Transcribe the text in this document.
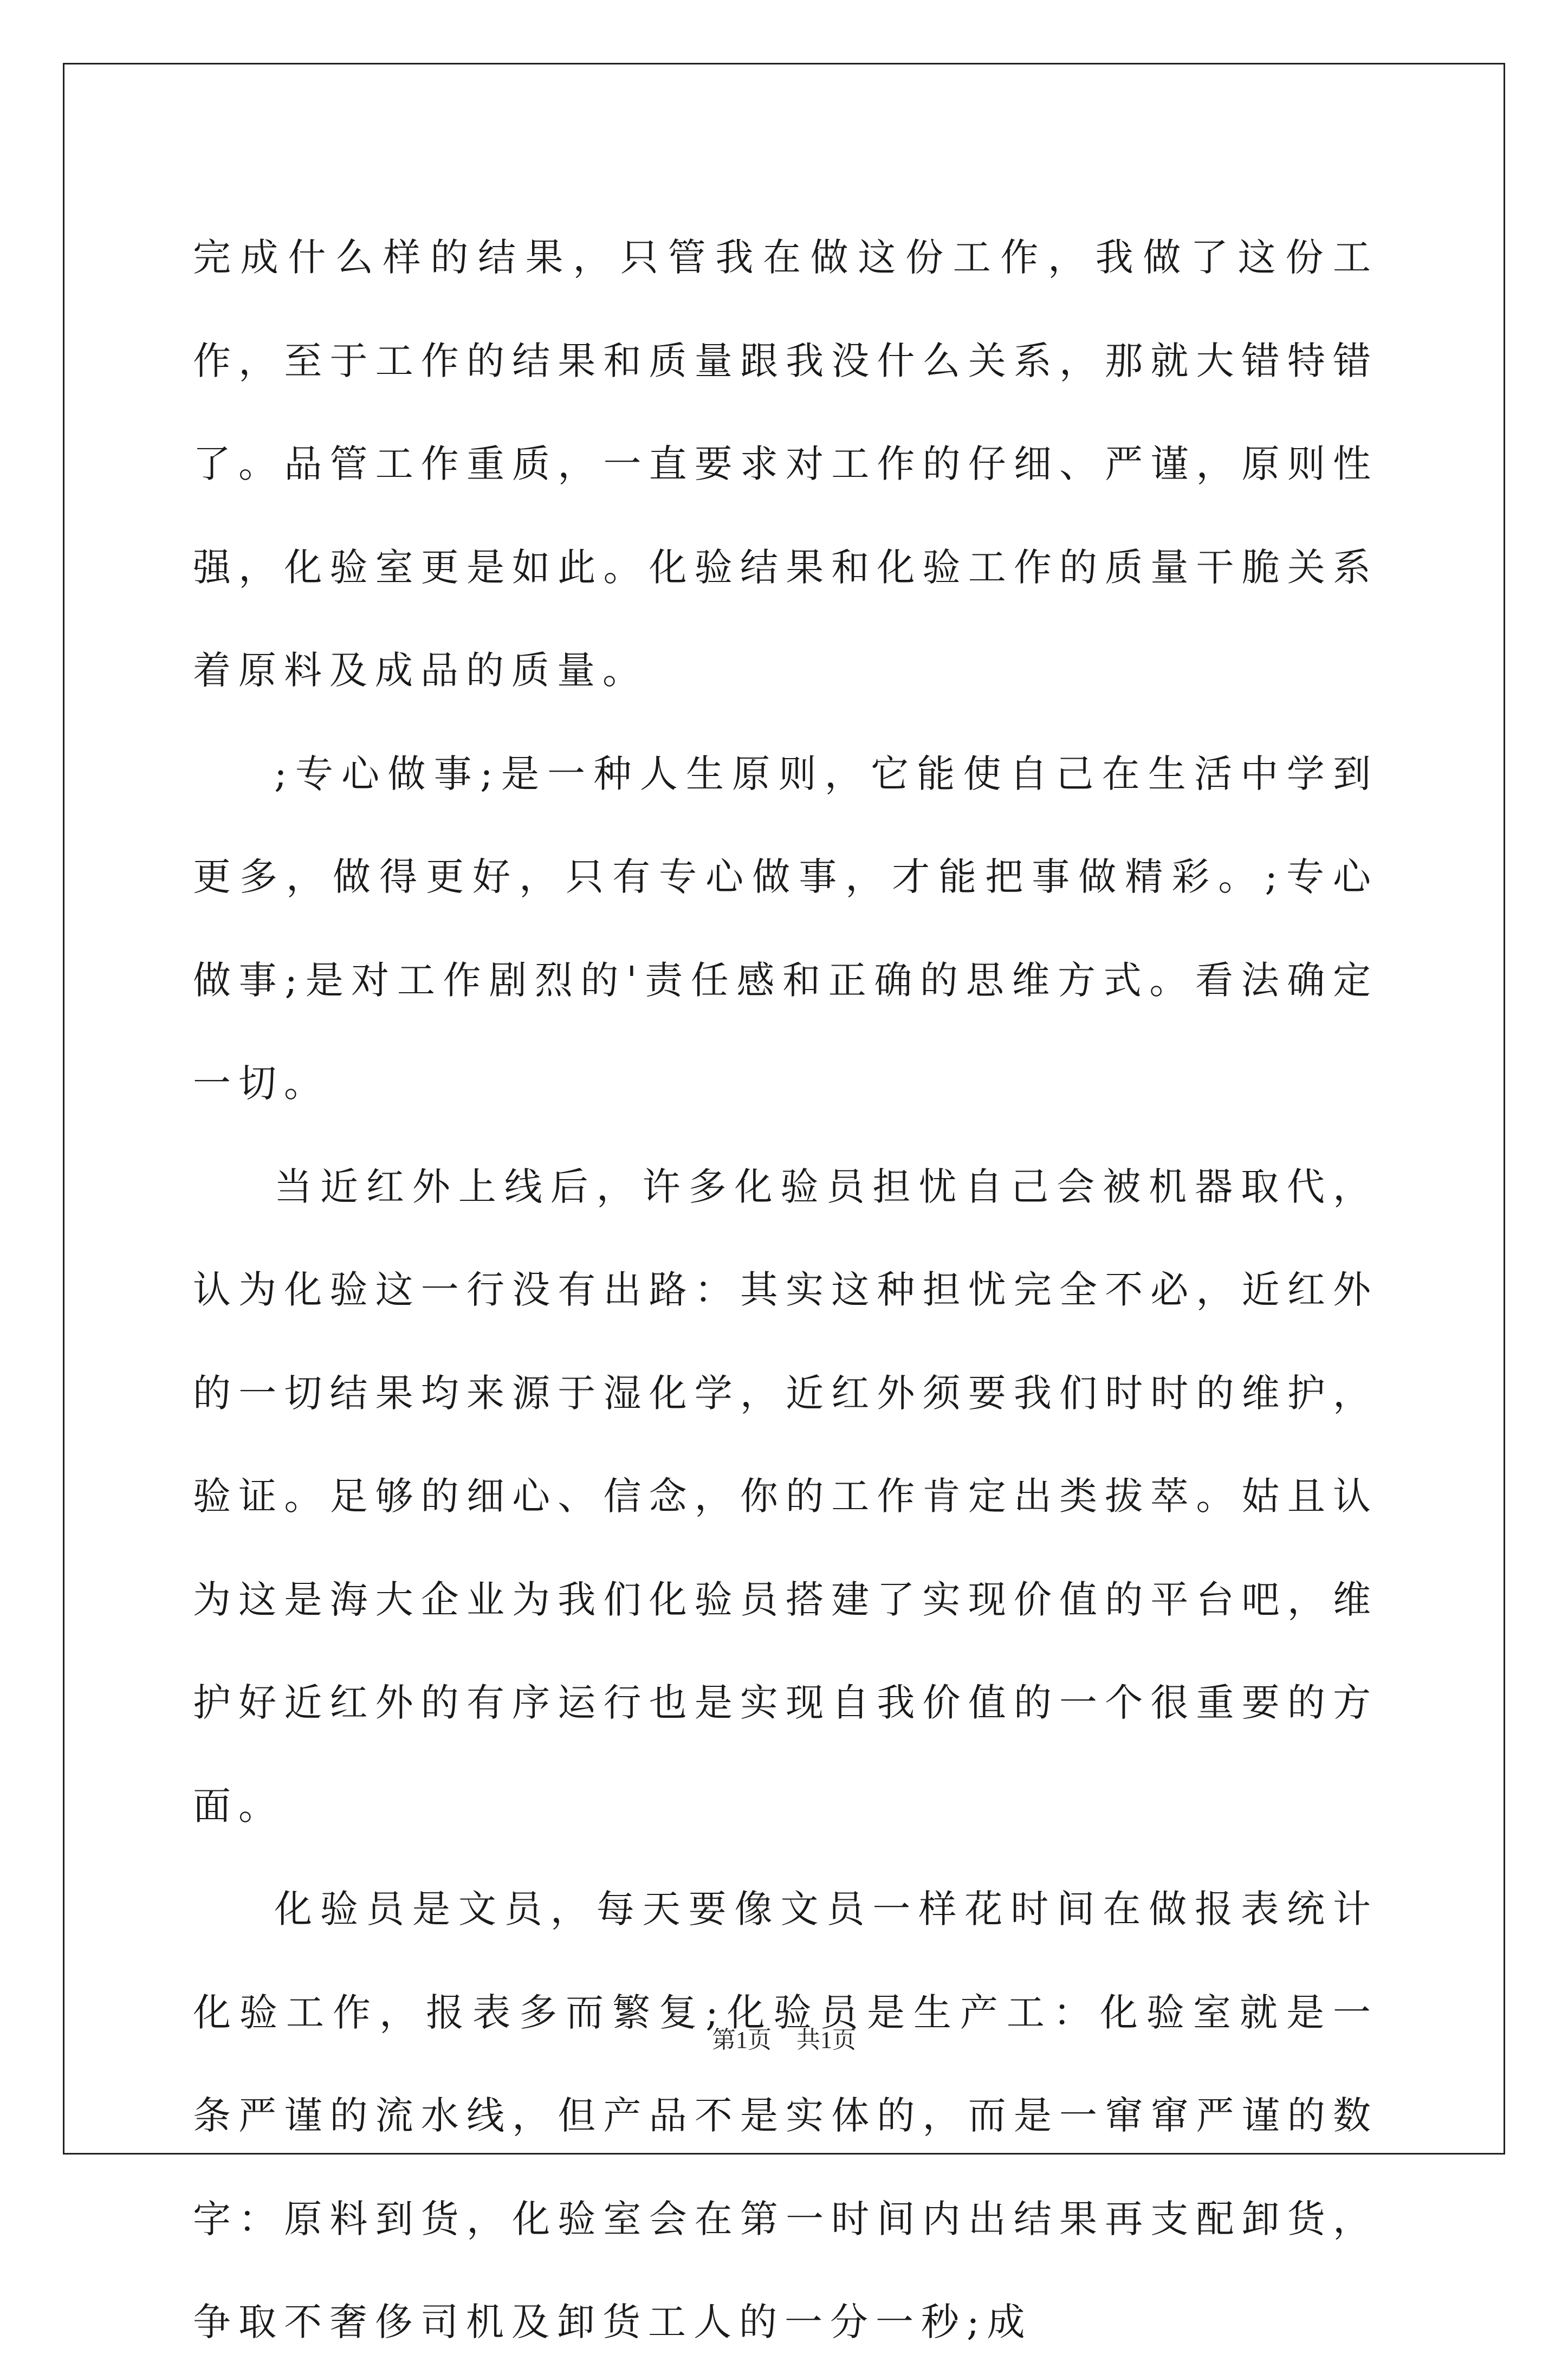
完成什么样的结果，只管我在做这份工作，我做了这份工作，至于工作的结果和质量跟我没什么关系，那就大错特错了。品管工作重质，一直要求对工作的仔细、严谨，原则性强，化验室更是如此。化验结果和化验工作的质量干脆关系着原料及成品的质量。

;专心做事;是一种人生原则，它能使自己在生活中学到更多，做得更好，只有专心做事，才能把事做精彩。;专心做事;是对工作剧烈的'责任感和正确的思维方式。看法确定一切。

当近红外上线后，许多化验员担忧自己会被机器取代，认为化验这一行没有出路：其实这种担忧完全不必，近红外的一切结果均来源于湿化学，近红外须要我们时时的维护，验证。足够的细心、信念，你的工作肯定出类拔萃。姑且认为这是海大企业为我们化验员搭建了实现价值的平台吧，维护好近红外的有序运行也是实现自我价值的一个很重要的方面。

化验员是文员，每天要像文员一样花时间在做报表统计化验工作，报表多而繁复;化验员是生产工：化验室就是一条严谨的流水线，但产品不是实体的，而是一窜窜严谨的数字：原料到货，化验室会在第一时间内出结果再支配卸货，争取不奢侈司机及卸货工人的一分一秒;成

第1页 共1页
